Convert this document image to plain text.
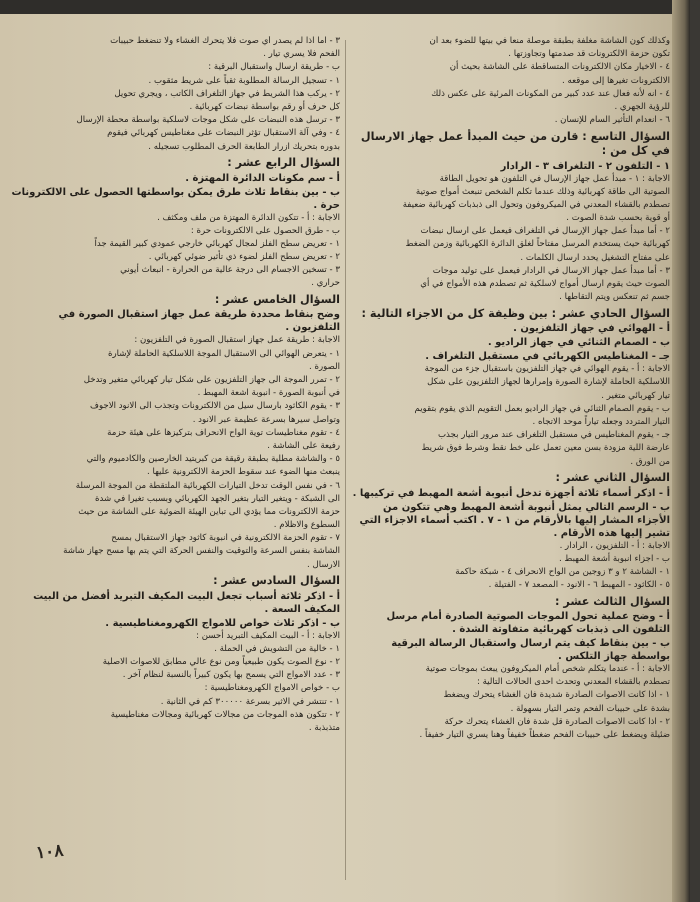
وكذلك كون الشاشة مغلفة بطبقة موصلة منعاً في بيتها للضوء بعد أن

تكون حزمة الالكترونات قد صدمتها وتجاوزتها .

٤ - الاخيار مكان الالكترونات المتساقطة على الشاشة بحيث أن

الالكترونات تغيرها إلى موقعه .

٤ - انه لأنه فعال عند عدد كبير من المكونات المرئية على عكس ذلك

للرؤية الجهري .

٦ - انعدام التأثير السام للإنسان .

السؤال التاسع : قارن من حيث المبدأ عمل جهاز الارسال في كل من :

١ - التلفون ٢ - التلغراف ٣ - الرادار

الاجابة : ١ - مبدأ عمل جهاز الإرسال في التلفون هو تحويل الطاقة

الصوتية الى طاقة كهربائية وذلك عندما تكلم الشخص تنبعث أمواج صوتية

تصطدم بالقشاء المعدني في الميكروفون وتحول الى ذبذبات كهربائية ضعيفة

أو قوية بحسب شدة الصوت .

٢ - أما مبدأ عمل جهاز الإرسال في التلغراف فيعمل على ارسال نبضات

كهربائية حيث يستخدم المرسل مفتاحاً لغلق الدائرة الكهربائية وزمن الضغط

على مفتاح التشغيل يحدد ارسال الكلمات .

٣ - أما مبدأ عمل جهاز الارسال في الرادار فيعمل على توليد موجات

الصوت حيث يقوم ارسال أمواج لاسلكية ثم تصطدم هذه الأمواج في أي

جسم ثم تنعكس ويتم التقاطها .

السؤال الحادي عشر : بين وظيفة كل من الاجزاء التالية :

أ - الهوائي في جهاز التلفزيون .

ب - الصمام الثنائي في جهاز الراديو .

جـ - المغناطيس الكهربائي في مستقبل التلغراف .

الاجابة : أ - يقوم الهوائي في جهاز التلفزيون باستقبال جزء من الموجة

اللاسلكية الحاملة لإشارة الصورة وإمرارها لجهاز التلفزيون على شكل

تيار كهربائي متغير .

ب - يقوم الصمام الثنائي في جهاز الراديو بعمل التقويم الذي يقوم بتقويم

التيار المتردد وجعله تياراً موحد الاتجاه .

جـ - يقوم المغناطيس في مستقبل التلغراف عند مرور التيار بجذب

عارضة اللية مزودة بسن معين تعمل على خط نقط وشرط فوق شريط

من الورق .

السؤال الثاني عشر :

أ - اذكر أسماء ثلاثة أجهزة تدخل أنبوبة أشعة المهبط في تركيبها .

ب - الرسم التالي يمثل أنبوبة أشعة المهبط وهي تتكون من الأجزاء المشار إليها بالأرقام من ١ - ٧ . اكتب أسماء الاجزاء التي تشير إليها هذه الأرقام .

الاجابة : أ - التلفزيون ، الرادار .

ب - اجزاء انبوبة أشعة المهبط .

١ - الشاشة ٢ و ٣ زوجين من الواح الانحراف ٤ - شبكة حاكمة

٥ - الكاثود - المهبط ٦ - الانود - المصعد ٧ - الفتيلة .

السؤال الثالث عشر :

أ - وضح عملية تحول الموجات الصوتية الصادرة أمام مرسل التلفون الى ذبذبات كهربائية متفاوتة الشدة .

ب - بين بنقاط كيف يتم ارسال واستقبال الرسالة البرقية بواسطة جهاز التلكس .

الاجابة : أ - عندما يتكلم شخص أمام الميكروفون يبعث بموجات صوتية

تصطدم بالقشاء المعدني وتحدث احدى الحالات التالية :

١ - اذا كانت الاصوات الصادرة شديدة فان الغشاء يتحرك ويضغط

بشدة على حبيبات الفحم وتمر التيار بسهولة .

٢ - اذا كانت الاصوات الصادرة قل شدة فان الغشاء يتحرك حركة

ضئيلة ويضغط على حبيبات الفحم ضغطاً خفيفاً وهنا يسري التيار خفيفاً .

٣ - اما اذا لم يصدر أي صوت فلا يتحرك الغشاء ولا تنضغط حبيبات

الفحم فلا يسري تيار .

ب - طريقة ارسال واستقبال البرقية :

١ - تسجيل الرسالة المطلوبة ثقباً على شريط مثقوب .

٢ - يركب هذا الشريط في جهاز التلغراف الكاتب ، ويجري تحويل

كل حرف أو رقم بواسطة نبضات كهربائية .

٣ - ترسل هذه النبضات على شكل موجات لاسلكية بواسطة محطة الإرسال

٤ - وفي آلة الاستقبال تؤثر النبضات على مغناطيس كهربائي فيقوم

بدوره بتحريك ازرار الطابعة الحرف المطلوب تسجيله .

السؤال الرابع عشر :

أ - سم مكونات الدائرة المهتزة .

ب - بين بنقاط ثلاث طرق يمكن بواسطتها الحصول على الالكترونات حرة .

الاجابة : أ - تتكون الدائرة المهتزة من ملف ومكثف .

ب - طرق الحصول على الالكترونات حرة :

١ - تعريض سطح الفلز لمجال كهربائي خارجي عمودي كبير القيمة جداً

٢ - تعريض سطح الفلز لضوء ذي تأثير ضوئي كهربائي .

٣ - تسخين الاجسام الى درجة عالية من الحرارة - انبعاث أيوني

حراري .

السؤال الخامس عشر :

وضح بنقاط محددة طريقة عمل جهاز استقبال الصورة في التلفزيون .

الاجابة : طريقة عمل جهاز استقبال الصورة في التلفزيون :

١ - يتعرض الهوائي الى الاستقبال الموجة اللاسلكية الحاملة لإشارة

الصورة .

٢ - تمرر الموجة الى جهاز التلفزيون على شكل تيار كهربائي متغير وتدخل

في أنبوبة الصورة - انبوبة اشعة المهبط .

٣ - يقوم الكاثود بارسال سيل من الالكترونات وتجذب الى الانود الاجوف

وتواصل سيرها بسرعة عظيمة عبر الانود .

٤ - تقوم مغناطيسات توية الواح الانحراف بتركيزها على هيئة حزمة

رفيعة على الشاشة .

٥ - والشاشة مطلية بطبقة رقيقة من كبريتيد الخارصين والكادميوم والتي

ينبعث منها الضوء عند سقوط الحزمة الالكترونية عليها .

٦ - في نفس الوقت تدخل التيارات الكهربائية الملتقطة من الموجة المرسلة

الى الشبكة - ويتغير التيار بتغير الجهد الكهربائي وبسبب تغيرا في شدة

حزمة الالكترونات مما يؤدي الى تباين الهيئة الضوئية على الشاشة من حيث

السطوع والاظلام .

٧ - تقوم الحزمة الالكترونية في انبوبة كاثود جهاز الاستقبال بمسح

الشاشة بنفس السرعة والتوقيت والنفس الحركة التي يتم بها مسح جهاز شاشة

الارسال .

السؤال السادس عشر :

أ - اذكر ثلاثة أسباب تجعل البيت المكيف التبريد أفضل من البيت المكيف السعة .

ب - اذكر ثلاث خواص للامواج الكهرومغناطيسية .

الاجابة : أ - البيت المكيف التبريد أحسن :

١ - خالية من التشويش في الحملة .

٢ - نوع الصوت يكون طبيعياً ومن نوع عالي مطابق للاصوات الاصلية

٣ - عدد الامواج التي يسمح بها يكون كبيراً بالنسبة لنظام آخر .

ب - خواص الامواج الكهرومغناطيسية :

١ - تنتشر في الاثير بسرعة ٣٠٠٠٠٠ كم في الثانية .

٢ - تتكون هذه الموجات من مجالات كهربائية ومجالات مغناطيسية

متذبذبة .

١٠٨
